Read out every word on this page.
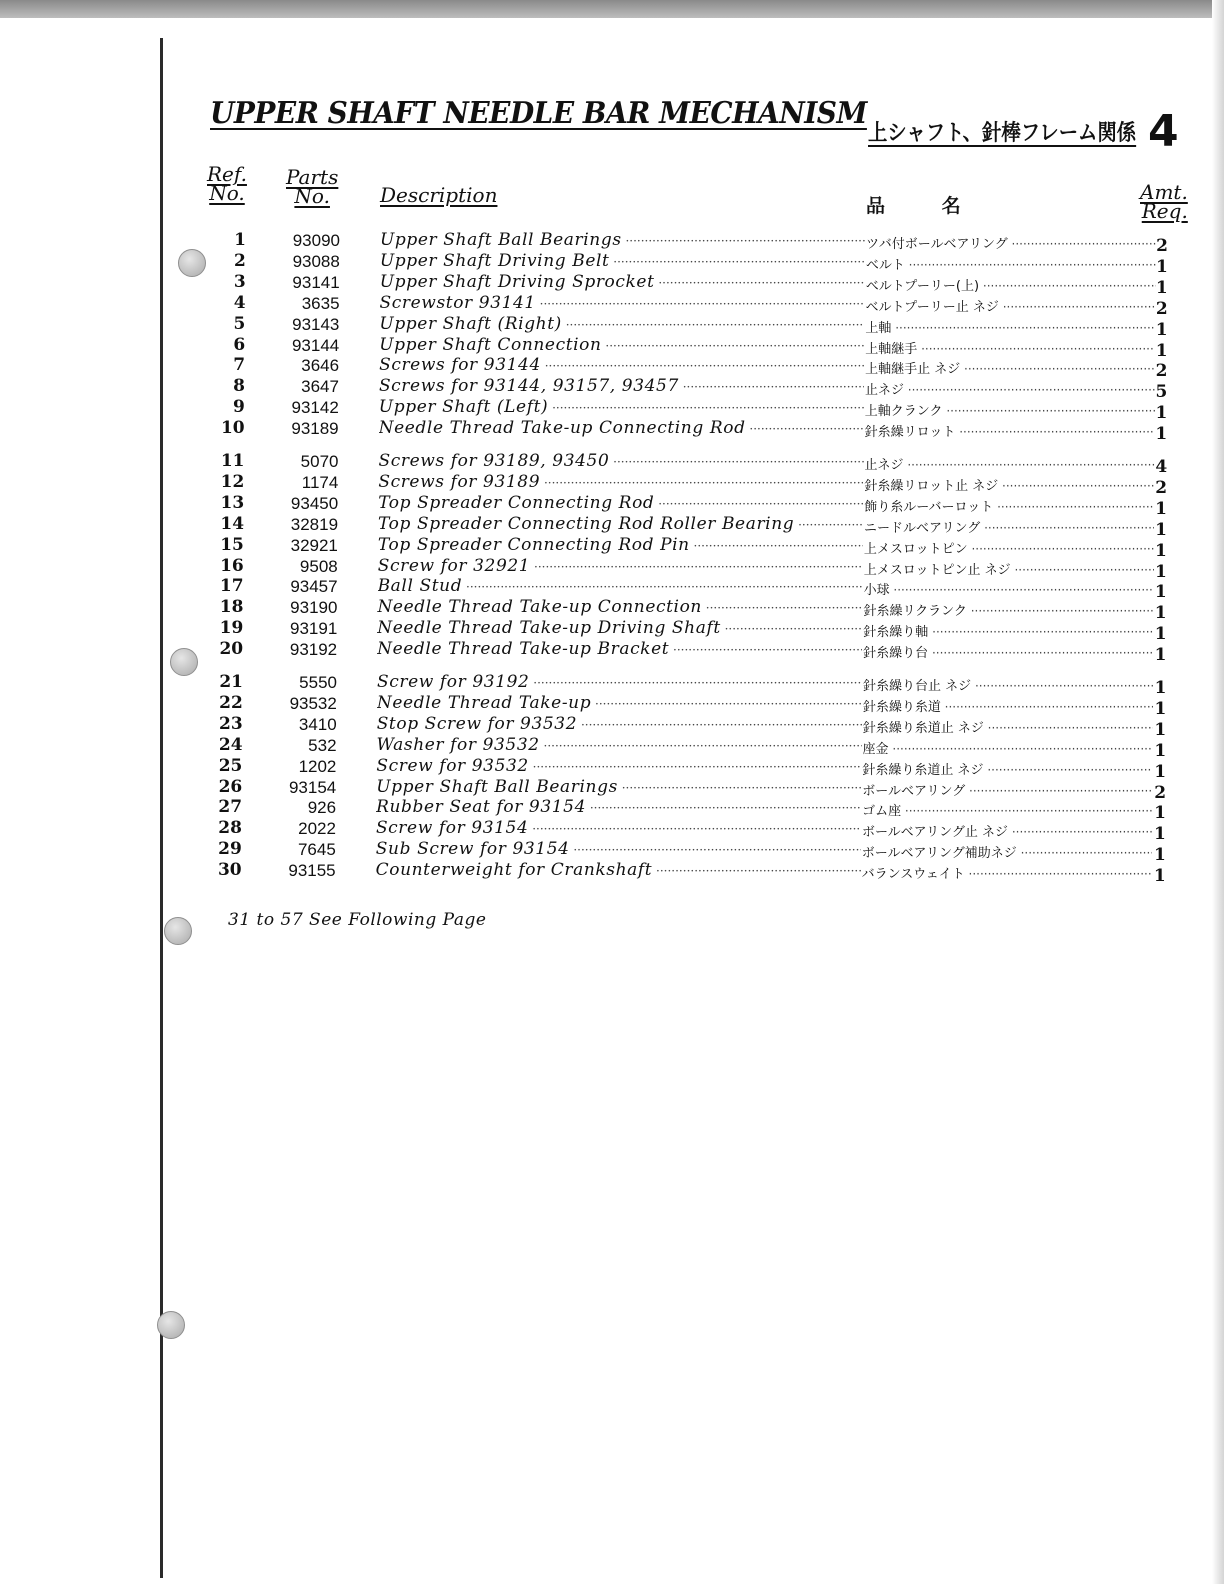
UPPER SHAFT NEEDLE BAR MECHANISM
上シャフト、針棒フレーム関係 4
Ref.
No.
Parts
No.	Description	品 名
Amt.
Req.
1	93090 Upper Shaft Ball Bearings ·····	ツバ付ボールベアリング ·····	2
2	93088 Upper Shaft Driving Belt ·····	ベルト ·····	1
3	93141 Upper Shaft Driving Sprocket ·····	ベルトプーリー(上) ·····	1
4	3635 Screwstor 93141 ·····	ベルトプーリー止 ネジ ·····	2
5	93143 Upper Shaft (Right) ·····	上軸 ·····	1
6	93144 Upper Shaft Connection ·····	上軸継手 ·····	1
7	3646 Screws for 93144 ·····	上軸継手止 ネジ ·····	2
8	3647 Screws for 93144, 93157, 93457 ·····	止ネジ ·····	5
9	93142 Upper Shaft (Left) ·····	上軸クランク ·····	1
10	93189 Needle Thread Take-up Connecting Rod ·····	針糸繰リロット ·····	1
11	5070 Screws for 93189, 93450 ·····	止ネジ ·····	4
12	1174 Screws for 93189 ·····	針糸繰リロット止 ネジ ·····	2
13	93450 Top Spreader Connecting Rod ·····	飾り糸ルーバーロット ·····	1
14	32819 Top Spreader Connecting Rod Roller Bearing ·····	ニードルベアリング ·····	1
15	32921 Top Spreader Connecting Rod Pin ·····	上メスロットピン ·····	1
16	9508 Screw for 32921 ·····	上メスロットピン止 ネジ ·····	1
17	93457 Ball Stud ·····	小球 ·····	1
18	93190 Needle Thread Take-up Connection ·····	針糸繰リクランク ·····	1
19	93191 Needle Thread Take-up Driving Shaft ·····	針糸繰り軸 ·····	1
20	93192 Needle Thread Take-up Bracket ·····	針糸繰り台 ·····	1
21	5550 Screw for 93192 ·····	針糸繰り台止 ネジ ·····	1
22	93532 Needle Thread Take-up ·····	針糸繰り糸道 ·····	1
23	3410 Stop Screw for 93532 ·····	針糸繰り糸道止 ネジ ·····	1
24	532 Washer for 93532 ·····	座金 ·····	1
25	1202 Screw for 93532 ·····	針糸繰り糸道止 ネジ ·····	1
26	93154 Upper Shaft Ball Bearings ·····	ボールベアリング ·····	2
27	926 Rubber Seat for 93154 ·····	ゴム座 ·····	1
28	2022 Screw for 93154 ·····	ボールベアリング止 ネジ ·····	1
29	7645 Sub Screw for 93154 ·····	ボールベアリング補助ネジ ·····	1
30	93155 Counterweight for Crankshaft ·····	バランスウェイト ·····	1
31 to 57 See Following Page
